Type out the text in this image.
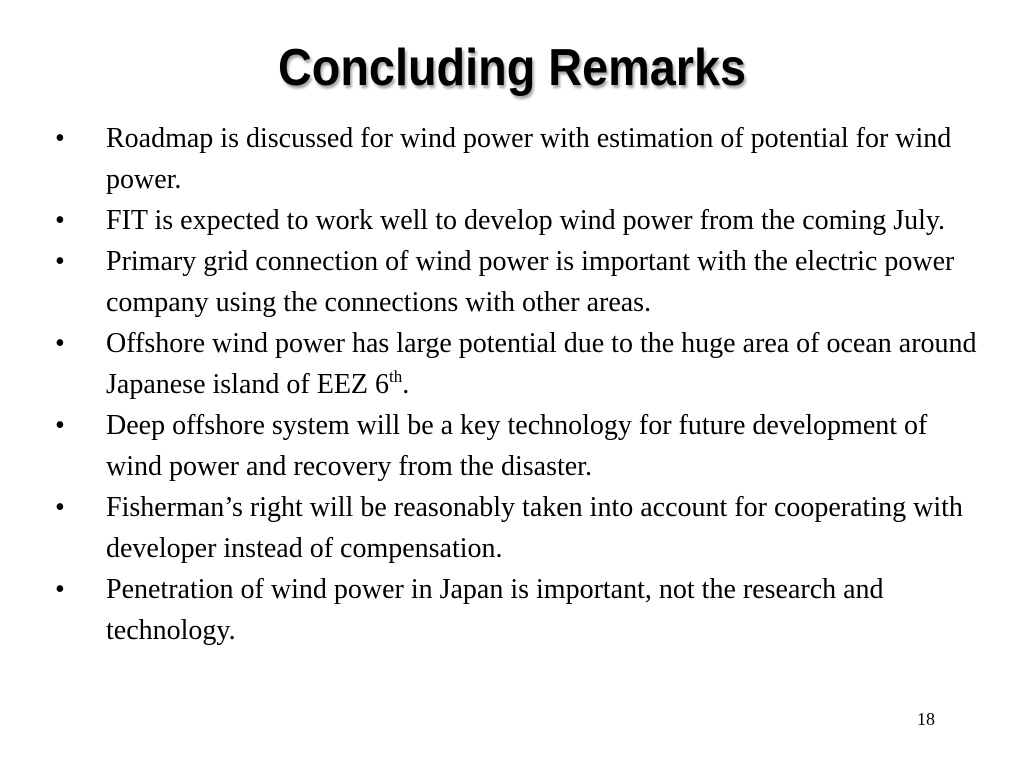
Concluding Remarks
• Roadmap is discussed for wind power with estimation of potential for wind power.
• FIT is expected to work well to develop wind power from the coming July.
• Primary grid connection of wind power is important with the electric power company using the connections with other areas.
• Offshore wind power has large potential due to the huge area of ocean around Japanese island of EEZ 6th.
• Deep offshore system will be a key technology for future development of wind power and recovery from the disaster.
• Fisherman’s right will be reasonably taken into account for cooperating with developer instead of compensation.
• Penetration of wind power in Japan is important, not the research and technology.
18
